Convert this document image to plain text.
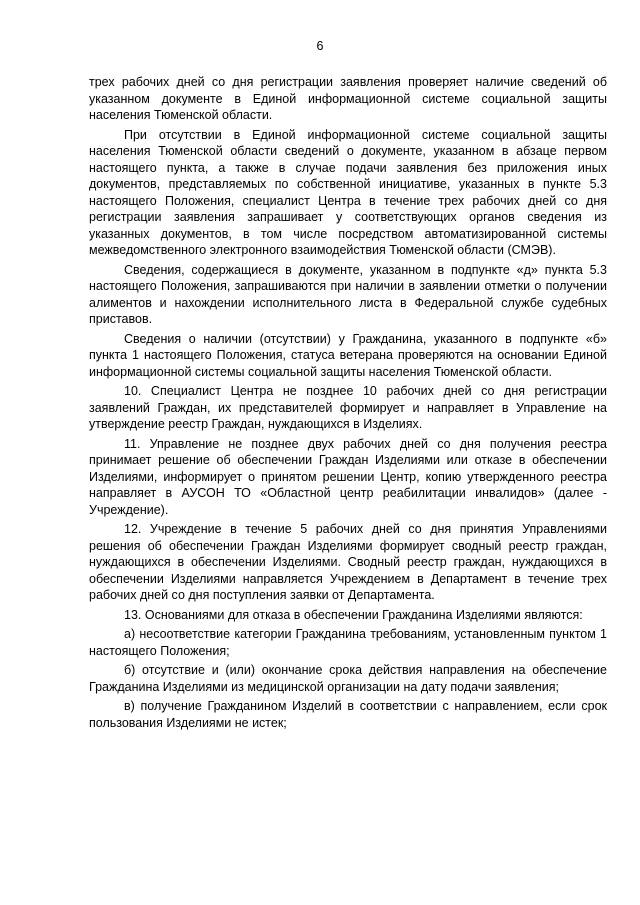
6

трех рабочих дней со дня регистрации заявления проверяет наличие сведений об указанном документе в Единой информационной системе социальной защиты населения Тюменской области.

При отсутствии в Единой информационной системе социальной защиты населения Тюменской области сведений о документе, указанном в абзаце первом настоящего пункта, а также в случае подачи заявления без приложения иных документов, представляемых по собственной инициативе, указанных в пункте 5.3 настоящего Положения, специалист Центра в течение трех рабочих дней со дня регистрации заявления запрашивает у соответствующих органов сведения из указанных документов, в том числе посредством автоматизированной системы межведомственного электронного взаимодействия Тюменской области (СМЭВ).

Сведения, содержащиеся в документе, указанном в подпункте «д» пункта 5.3 настоящего Положения, запрашиваются при наличии в заявлении отметки о получении алиментов и нахождении исполнительного листа в Федеральной службе судебных приставов.

Сведения о наличии (отсутствии) у Гражданина, указанного в подпункте «б» пункта 1 настоящего Положения, статуса ветерана проверяются на основании Единой информационной системы социальной защиты населения Тюменской области.

10. Специалист Центра не позднее 10 рабочих дней со дня регистрации заявлений Граждан, их представителей формирует и направляет в Управление на утверждение реестр Граждан, нуждающихся в Изделиях.

11. Управление не позднее двух рабочих дней со дня получения реестра принимает решение об обеспечении Граждан Изделиями или отказе в обеспечении Изделиями, информирует о принятом решении Центр, копию утвержденного реестра направляет в АУСОН ТО «Областной центр реабилитации инвалидов» (далее - Учреждение).

12. Учреждение в течение 5 рабочих дней со дня принятия Управлениями решения об обеспечении Граждан Изделиями формирует сводный реестр граждан, нуждающихся в обеспечении Изделиями. Сводный реестр граждан, нуждающихся в обеспечении Изделиями направляется Учреждением в Департамент в течение трех рабочих дней со дня поступления заявки от Департамента.

13. Основаниями для отказа в обеспечении Гражданина Изделиями являются:

а) несоответствие категории Гражданина требованиям, установленным пунктом 1 настоящего Положения;

б) отсутствие и (или) окончание срока действия направления на обеспечение Гражданина Изделиями из медицинской организации на дату подачи заявления;

в) получение Гражданином Изделий в соответствии с направлением, если срок пользования Изделиями не истек;
